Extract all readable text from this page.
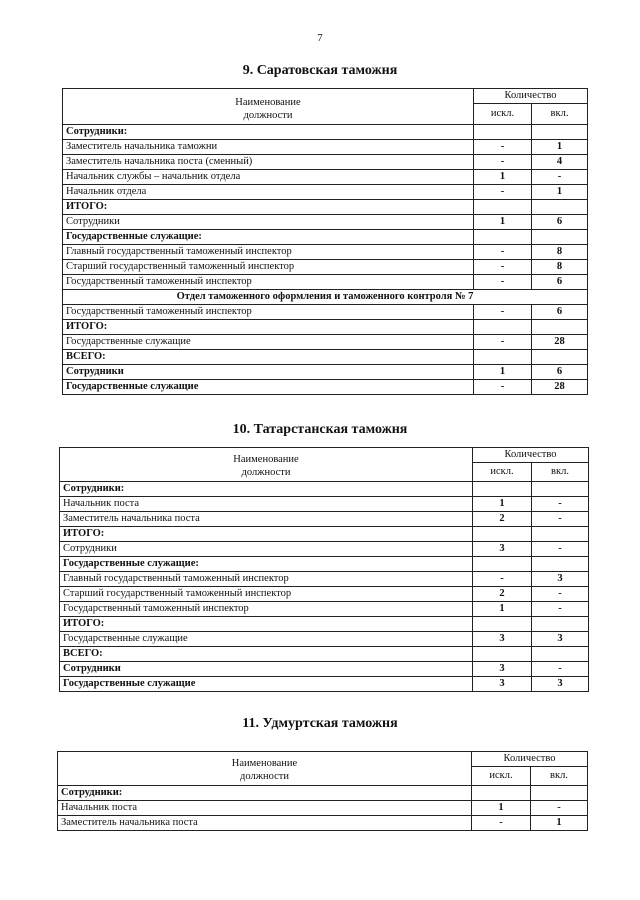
7
9. Саратовская таможня
Наименование
должности	Количество	
	искл.	вкл.
Сотрудники:		
Заместитель начальника таможни	-	1
Заместитель начальника поста (сменный)	-	4
Начальник службы – начальник отдела	1	-
Начальник отдела	-	1
ИТОГО:		
Сотрудники	1	6
Государственные служащие:		
Главный государственный таможенный инспектор	-	8
Старший государственный таможенный инспектор	-	8
Государственный таможенный инспектор	-	6
Отдел таможенного оформления и таможенного контроля № 7		
Государственный таможенный инспектор	-	6
ИТОГО:		
Государственные служащие	-	28
ВСЕГО:		
Сотрудники	1	6
Государственные служащие	-	28
10. Татарстанская таможня
Наименование
должности	Количество	
	искл.	вкл.
Сотрудники:		
Начальник поста	1	-
Заместитель начальника поста	2	-
ИТОГО:		
Сотрудники	3	-
Государственные служащие:		
Главный государственный таможенный инспектор	-	3
Старший государственный таможенный инспектор	2	-
Государственный таможенный инспектор	1	-
ИТОГО:		
Государственные служащие	3	3
ВСЕГО:		
Сотрудники	3	-
Государственные служащие	3	3
11. Удмуртская таможня
Наименование
должности	Количество	
	искл.	вкл.
Сотрудники:		
Начальник поста	1	-
Заместитель начальника поста	-	1
